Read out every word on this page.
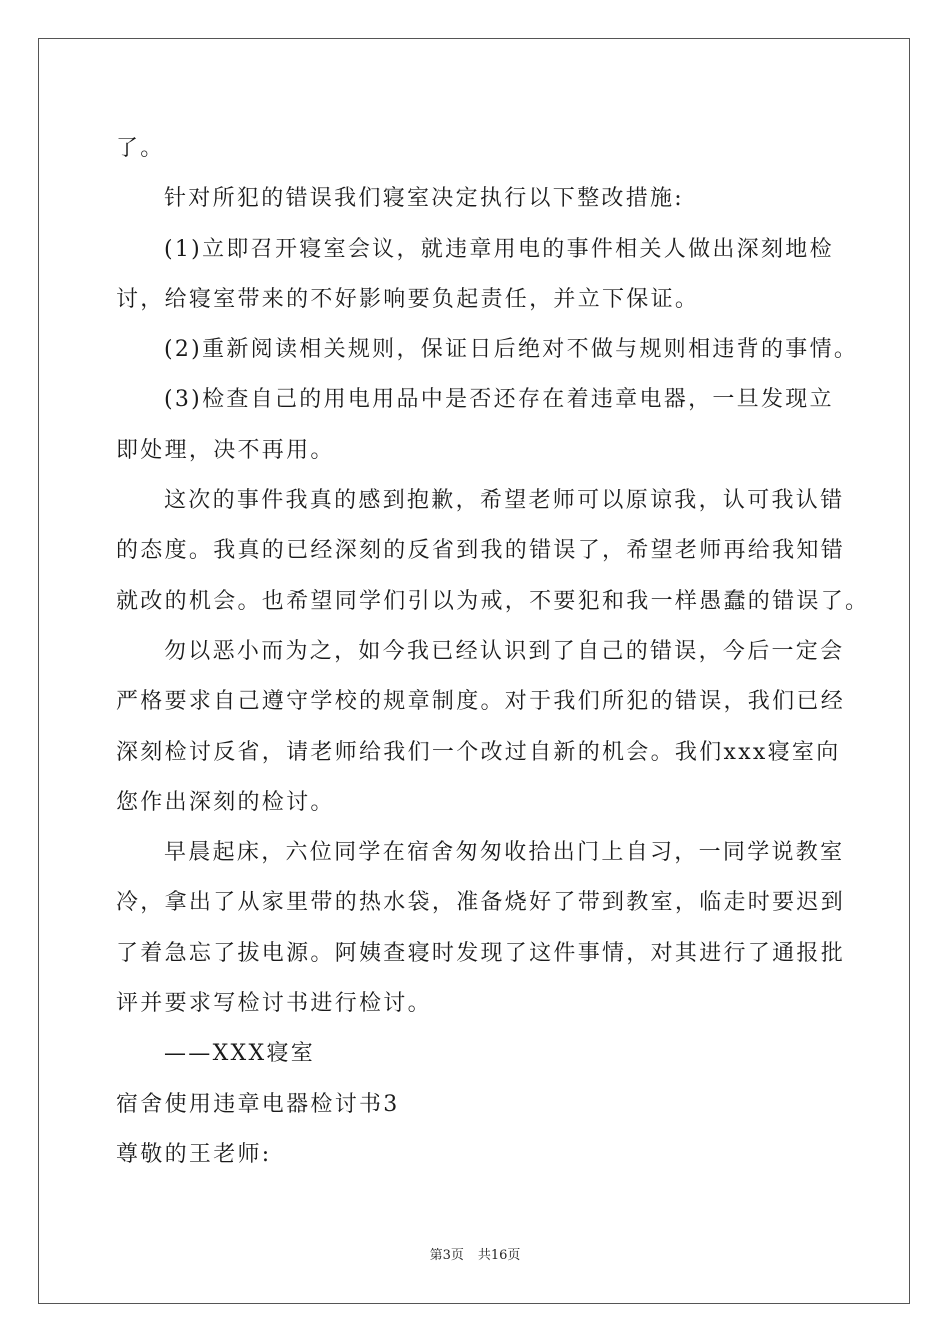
了。
针对所犯的错误我们寝室决定执行以下整改措施:
(1)立即召开寝室会议，就违章用电的事件相关人做出深刻地检
讨，给寝室带来的不好影响要负起责任，并立下保证。
(2)重新阅读相关规则，保证日后绝对不做与规则相违背的事情。
(3)检查自己的用电用品中是否还存在着违章电器，一旦发现立
即处理，决不再用。
这次的事件我真的感到抱歉，希望老师可以原谅我，认可我认错
的态度。我真的已经深刻的反省到我的错误了，希望老师再给我知错
就改的机会。也希望同学们引以为戒，不要犯和我一样愚蠢的错误了。
勿以恶小而为之，如今我已经认识到了自己的错误，今后一定会
严格要求自己遵守学校的规章制度。对于我们所犯的错误，我们已经
深刻检讨反省，请老师给我们一个改过自新的机会。我们xxx寝室向
您作出深刻的检讨。
早晨起床，六位同学在宿舍匆匆收拾出门上自习，一同学说教室
冷，拿出了从家里带的热水袋，准备烧好了带到教室，临走时要迟到
了着急忘了拔电源。阿姨查寝时发现了这件事情，对其进行了通报批
评并要求写检讨书进行检讨。
——XXX寝室
宿舍使用违章电器检讨书3
尊敬的王老师:
第3页 共16页
